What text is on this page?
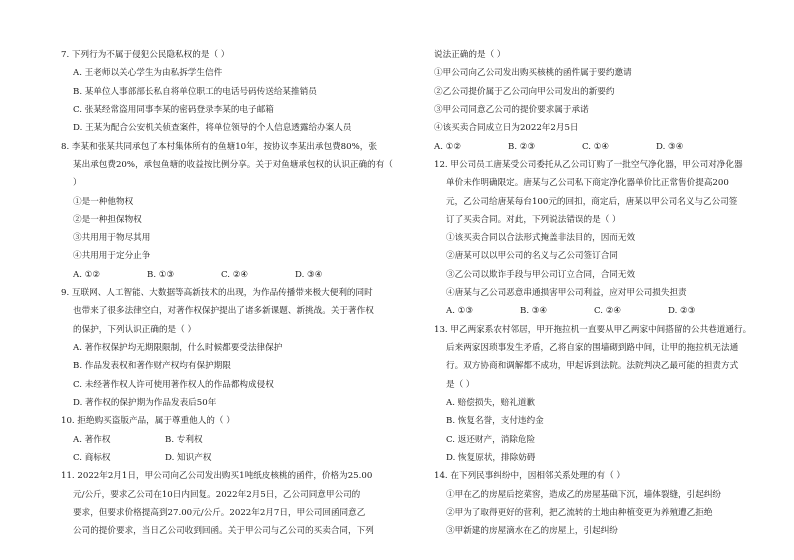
7. 下列行为不属于侵犯公民隐私权的是（ ）
A. 王老师以关心学生为由私拆学生信件
B. 某单位人事部部长私自将单位职工的电话号码传送给某推销员
C. 张某经常盗用同事李某的密码登录李某的电子邮箱
D. 王某为配合公安机关侦查案件，将单位领导的个人信息透露给办案人员
8. 李某和张某共同承包了本村集体所有的鱼塘10年，按协议李某出承包费80%，张
某出承包费20%，承包鱼塘的收益按比例分享。关于对鱼塘承包权的认识正确的有（
）
①是一种他物权
②是一种担保物权
③共用用于物尽其用
④共用用于定分止争
A. ①②	B. ①③	C. ②④	D. ③④
9. 互联网、人工智能、大数据等高新技术的出现，为作品传播带来极大便利的同时
也带来了很多法律空白，对著作权保护提出了诸多新课题、新挑战。关于著作权
的保护，下列认识正确的是（ ）
A. 著作权保护均无期限限制，什么时候都要受法律保护
B. 作品发表权和著作财产权均有保护期限
C. 未经著作权人许可使用著作权人的作品都构成侵权
D. 著作权的保护期为作品发表后50年
10. 拒绝购买盗版产品，属于尊重他人的（ ）
A. 著作权	B. 专利权
C. 商标权	D. 知识产权
11. 2022年2月1日，甲公司向乙公司发出购买1吨纸皮核桃的函件，价格为25.00
元/公斤，要求乙公司在10日内回复。2022年2月5日，乙公司同意甲公司的
要求，但要求价格提高到27.00元/公斤。2022年2月7日，甲公司回函同意乙
公司的提价要求，当日乙公司收到回函。关于甲公司与乙公司的买卖合同，下列
说法正确的是（ ）
①甲公司向乙公司发出购买核桃的函件属于要约邀请
②乙公司提价属于乙公司向甲公司发出的新要约
③甲公司同意乙公司的提价要求属于承诺
④该买卖合同成立日为2022年2月5日
A. ①②	B. ②③	C. ①④	D. ③④
12. 甲公司员工唐某受公司委托从乙公司订购了一批空气净化器，甲公司对净化器
单价未作明确限定。唐某与乙公司私下商定净化器单价比正常售价提高200
元，乙公司给唐某每台100元的回扣，商定后，唐某以甲公司名义与乙公司签
订了买卖合同。对此，下列说法错误的是（ ）
①该买卖合同以合法形式掩盖非法目的，因而无效
②唐某可以以甲公司的名义与乙公司签订合同
③乙公司以欺诈手段与甲公司订立合同，合同无效
④唐某与乙公司恶意串通损害甲公司利益，应对甲公司损失担责
A. ①③	B. ③④	C. ②④	D. ②③
13. 甲乙两家系农村邻居，甲开拖拉机一直要从甲乙两家中间搭留的公共巷道通行。
后来两家因琐事发生矛盾，乙将自家的围墙砌到路中间，让甲的拖拉机无法通
行。双方协商和调解都不成功，甲起诉到法院。法院判决乙最可能的担责方式
是（ ）
A. 赔偿损失，赔礼道歉
B. 恢复名誉，支付违约金
C. 返还财产，消除危险
D. 恢复原状，排除妨碍
14. 在下列民事纠纷中，因相邻关系处理的有（ ）
①甲在乙的房屋后挖菜窖，造成乙的房屋基础下沉，墙体裂缝，引起纠纷
②甲为了取得更好的营利，把乙流转的土地由种植变更为养殖遭乙拒绝
③甲新建的房屋滴水在乙的房屋上，引起纠纷
